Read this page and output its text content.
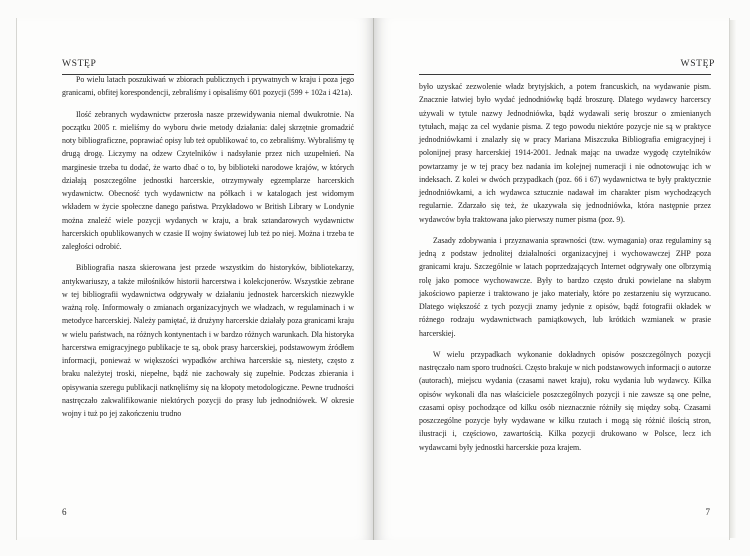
WSTĘP

Po wielu latach poszukiwań w zbiorach publicznych i prywatnych w kraju i poza jego granicami, obfitej korespondencji, zebraliśmy i opisaliśmy 601 pozycji (599 + 102a i 421a).

Ilość zebranych wydawnictw przerosła nasze przewidywania niemal dwukrotnie. Na początku 2005 r. mieliśmy do wyboru dwie metody działania: dalej skrzętnie gromadzić noty bibliograficzne, poprawiać opisy lub też opublikować to, co zebraliśmy. Wybraliśmy tę drugą drogę. Liczymy na odzew Czytelników i nadsyłanie przez nich uzupełnień. Na marginesie trzeba tu dodać, że warto dbać o to, by biblioteki narodowe krajów, w których działają poszczególne jednostki harcerskie, otrzymywały egzemplarze harcerskich wydawnictw. Obecność tych wydawnictw na półkach i w katalogach jest widomym wkładem w życie społeczne danego państwa. Przykładowo w British Library w Londynie można znaleźć wiele pozycji wydanych w kraju, a brak sztandarowych wydawnictw harcerskich opublikowanych w czasie II wojny światowej lub też po niej. Można i trzeba te zaległości odrobić.

Bibliografia nasza skierowana jest przede wszystkim do historyków, bibliotekarzy, antykwariuszy, a także miłośników historii harcerstwa i kolekcjonerów. Wszystkie zebrane w tej bibliografii wydawnictwa odgrywały w działaniu jednostek harcerskich niezwykle ważną rolę. Informowały o zmianach organizacyjnych we władzach, w regulaminach i w metodyce harcerskiej. Należy pamiętać, iż drużyny harcerskie działały poza granicami kraju w wielu państwach, na różnych kontynentach i w bardzo różnych warunkach. Dla historyka harcerstwa emigracyjnego publikacje te są, obok prasy harcerskiej, podstawowym źródłem informacji, ponieważ w większości wypadków archiwa harcerskie są, niestety, często z braku należytej troski, niepełne, bądź nie zachowały się zupełnie. Podczas zbierania i opisywania szeregu publikacji natknęliśmy się na kłopoty metodologiczne. Pewne trudności nastręczało zakwalifikowanie niektórych pozycji do prasy lub jednodniówek. W okresie wojny i tuż po jej zakończeniu trudno

6
WSTĘP

było uzyskać zezwolenie władz brytyjskich, a potem francuskich, na wydawanie pism. Znacznie łatwiej było wydać jednodniówkę bądź broszurę. Dlatego wydawcy harcerscy używali w tytule nazwy Jednodniówka, bądź wydawali serię broszur o zmienianych tytułach, mając za cel wydanie pisma. Z tego powodu niektóre pozycje nie są w praktyce jednodniówkami i znalazły się w pracy Mariana Miszczuka Bibliografia emigracyjnej i polonijnej prasy harcerskiej 1914-2001. Jednak mając na uwadze wygodę czytelników powtarzamy je w tej pracy bez nadania im kolejnej numeracji i nie odnotowując ich w indeksach. Z kolei w dwóch przypadkach (poz. 66 i 67) wydawnictwa te były praktycznie jednodniówkami, a ich wydawca sztucznie nadawał im charakter pism wychodzących regularnie. Zdarzało się też, że ukazywała się jednodniówka, która następnie przez wydawców była traktowana jako pierwszy numer pisma (poz. 9).

Zasady zdobywania i przyznawania sprawności (tzw. wymagania) oraz regulaminy są jedną z podstaw jednolitej działalności organizacyjnej i wychowawczej ZHP poza granicami kraju. Szczególnie w latach poprzedzających Internet odgrywały one olbrzymią rolę jako pomoce wychowawcze. Były to bardzo często druki powielane na słabym jakościowo papierze i traktowano je jako materiały, które po zestarzeniu się wyrzucano. Dlatego większość z tych pozycji znamy jedynie z opisów, bądź fotografii okładek w różnego rodzaju wydawnictwach pamiątkowych, lub krótkich wzmianek w prasie harcerskiej.

W wielu przypadkach wykonanie dokładnych opisów poszczególnych pozycji nastręczało nam sporo trudności. Często brakuje w nich podstawowych informacji o autorze (autorach), miejscu wydania (czasami nawet kraju), roku wydania lub wydawcy. Kilka opisów wykonali dla nas właściciele poszczególnych pozycji i nie zawsze są one pełne, czasami opisy pochodzące od kilku osób nieznacznie różniły się między sobą. Czasami poszczególne pozycje były wydawane w kilku rzutach i mogą się różnić ilością stron, ilustracji i, częściowo, zawartością. Kilka pozycji drukowano w Polsce, lecz ich wydawcami były jednostki harcerskie poza krajem.

7
